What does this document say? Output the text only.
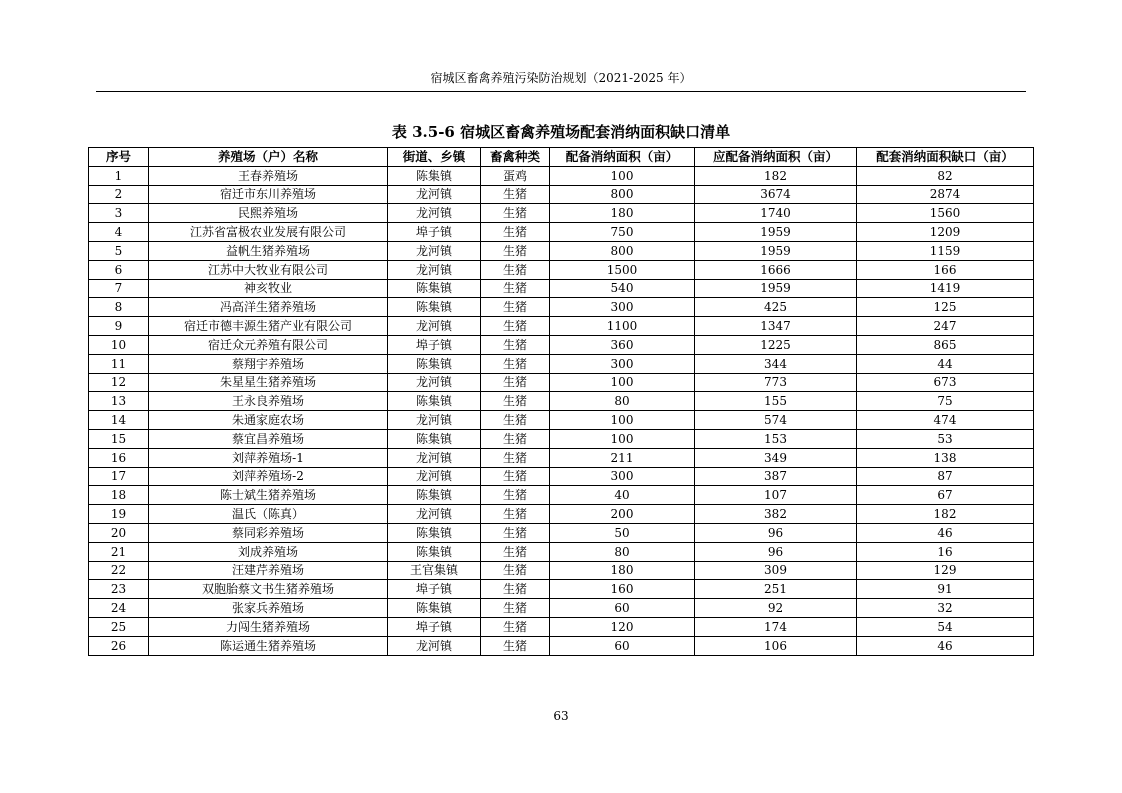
宿城区畜禽养殖污染防治规划（2021-2025 年）
表 3.5-6 宿城区畜禽养殖场配套消纳面积缺口清单
序号	养殖场（户）名称	街道、乡镇	畜禽种类	配备消纳面积（亩）	应配备消纳面积（亩）	配套消纳面积缺口（亩）
1	王春养殖场	陈集镇	蛋鸡	100	182	82
2	宿迁市东川养殖场	龙河镇	生猪	800	3674	2874
3	民熙养殖场	龙河镇	生猪	180	1740	1560
4	江苏省富极农业发展有限公司	埠子镇	生猪	750	1959	1209
5	益帆生猪养殖场	龙河镇	生猪	800	1959	1159
6	江苏中大牧业有限公司	龙河镇	生猪	1500	1666	166
7	神亥牧业	陈集镇	生猪	540	1959	1419
8	冯高洋生猪养殖场	陈集镇	生猪	300	425	125
9	宿迁市德丰源生猪产业有限公司	龙河镇	生猪	1100	1347	247
10	宿迁众元养殖有限公司	埠子镇	生猪	360	1225	865
11	蔡翔宇养殖场	陈集镇	生猪	300	344	44
12	朱星星生猪养殖场	龙河镇	生猪	100	773	673
13	王永良养殖场	陈集镇	生猪	80	155	75
14	朱通家庭农场	龙河镇	生猪	100	574	474
15	蔡宜昌养殖场	陈集镇	生猪	100	153	53
16	刘萍养殖场-1	龙河镇	生猪	211	349	138
17	刘萍养殖场-2	龙河镇	生猪	300	387	87
18	陈士斌生猪养殖场	陈集镇	生猪	40	107	67
19	温氏（陈真）	龙河镇	生猪	200	382	182
20	蔡同彩养殖场	陈集镇	生猪	50	96	46
21	刘成养殖场	陈集镇	生猪	80	96	16
22	汪建芹养殖场	王官集镇	生猪	180	309	129
23	双胞胎蔡文书生猪养殖场	埠子镇	生猪	160	251	91
24	张家兵养殖场	陈集镇	生猪	60	92	32
25	力闯生猪养殖场	埠子镇	生猪	120	174	54
26	陈运通生猪养殖场	龙河镇	生猪	60	106	46
63
